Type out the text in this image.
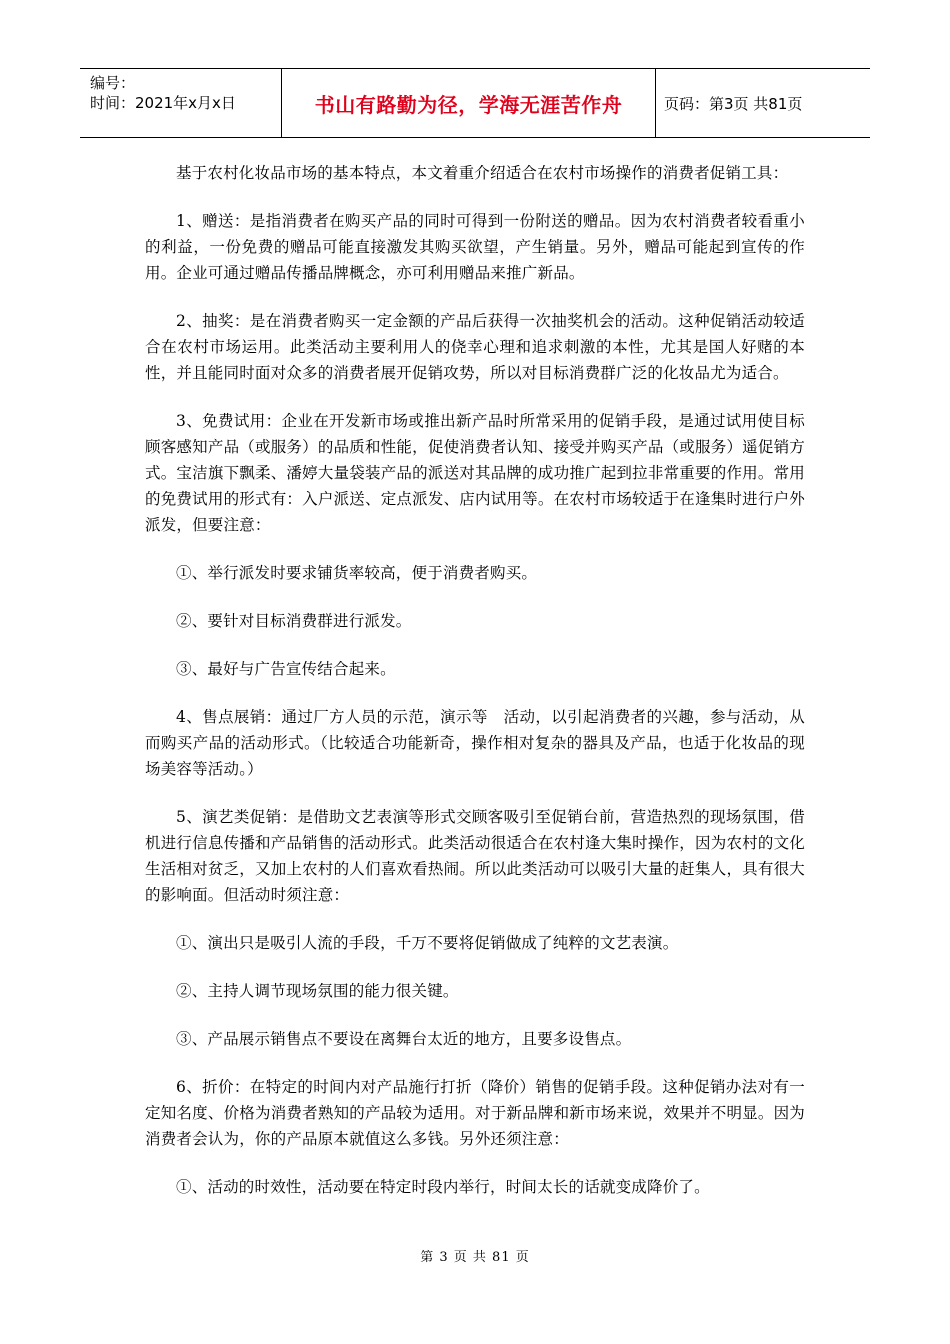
编号：
时间：2021年x月x日	书山有路勤为径，学海无涯苦作舟	页码：第3页 共81页

基于农村化妆品市场的基本特点，本文着重介绍适合在农村市场操作的消费者促销工具：

1、赠送：是指消费者在购买产品的同时可得到一份附送的赠品。因为农村消费者较看重小的利益，一份免费的赠品可能直接激发其购买欲望，产生销量。另外，赠品可能起到宣传的作用。企业可通过赠品传播品牌概念，亦可利用赠品来推广新品。

2、抽奖：是在消费者购买一定金额的产品后获得一次抽奖机会的活动。这种促销活动较适合在农村市场运用。此类活动主要利用人的侥幸心理和追求刺激的本性，尤其是国人好赌的本性，并且能同时面对众多的消费者展开促销攻势，所以对目标消费群广泛的化妆品尤为适合。

3、免费试用：企业在开发新市场或推出新产品时所常采用的促销手段，是通过试用使目标顾客感知产品（或服务）的品质和性能，促使消费者认知、接受并购买产品（或服务）遥促销方式。宝洁旗下飘柔、潘婷大量袋装产品的派送对其品牌的成功推广起到拉非常重要的作用。常用的免费试用的形式有：入户派送、定点派发、店内试用等。在农村市场较适于在逢集时进行户外派发，但要注意：

①、举行派发时要求铺货率较高，便于消费者购买。

②、要针对目标消费群进行派发。

③、最好与广告宣传结合起来。

4、售点展销：通过厂方人员的示范，演示等　活动，以引起消费者的兴趣，参与活动，从而购买产品的活动形式。（比较适合功能新奇，操作相对复杂的器具及产品，也适于化妆品的现场美容等活动。）

5、演艺类促销：是借助文艺表演等形式交顾客吸引至促销台前，营造热烈的现场氛围，借机进行信息传播和产品销售的活动形式。此类活动很适合在农村逢大集时操作，因为农村的文化生活相对贫乏，又加上农村的人们喜欢看热闹。所以此类活动可以吸引大量的赶集人，具有很大的影响面。但活动时须注意：

①、演出只是吸引人流的手段，千万不要将促销做成了纯粹的文艺表演。

②、主持人调节现场氛围的能力很关键。

③、产品展示销售点不要设在离舞台太近的地方，且要多设售点。

6、折价：在特定的时间内对产品施行打折（降价）销售的促销手段。这种促销办法对有一定知名度、价格为消费者熟知的产品较为适用。对于新品牌和新市场来说，效果并不明显。因为消费者会认为，你的产品原本就值这么多钱。另外还须注意：

①、活动的时效性，活动要在特定时段内举行，时间太长的话就变成降价了。

第 3 页 共 81 页
